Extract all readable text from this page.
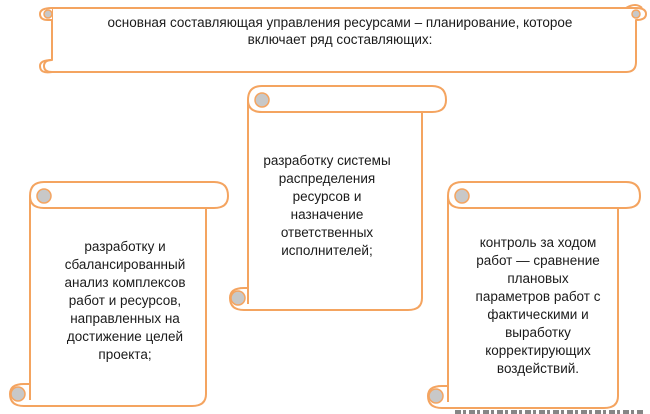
основная составляющая управления ресурсами – планирование, которое
включает ряд составляющих:

разработку системы
распределения
ресурсов и
назначение
ответственных
исполнителей;

разработку и
сбалансированный
анализ комплексов
работ и ресурсов,
направленных на
достижение целей
проекта;

контроль за ходом
работ — сравнение
плановых
параметров работ с
фактическими и
выработку
корректирующих
воздействий.
